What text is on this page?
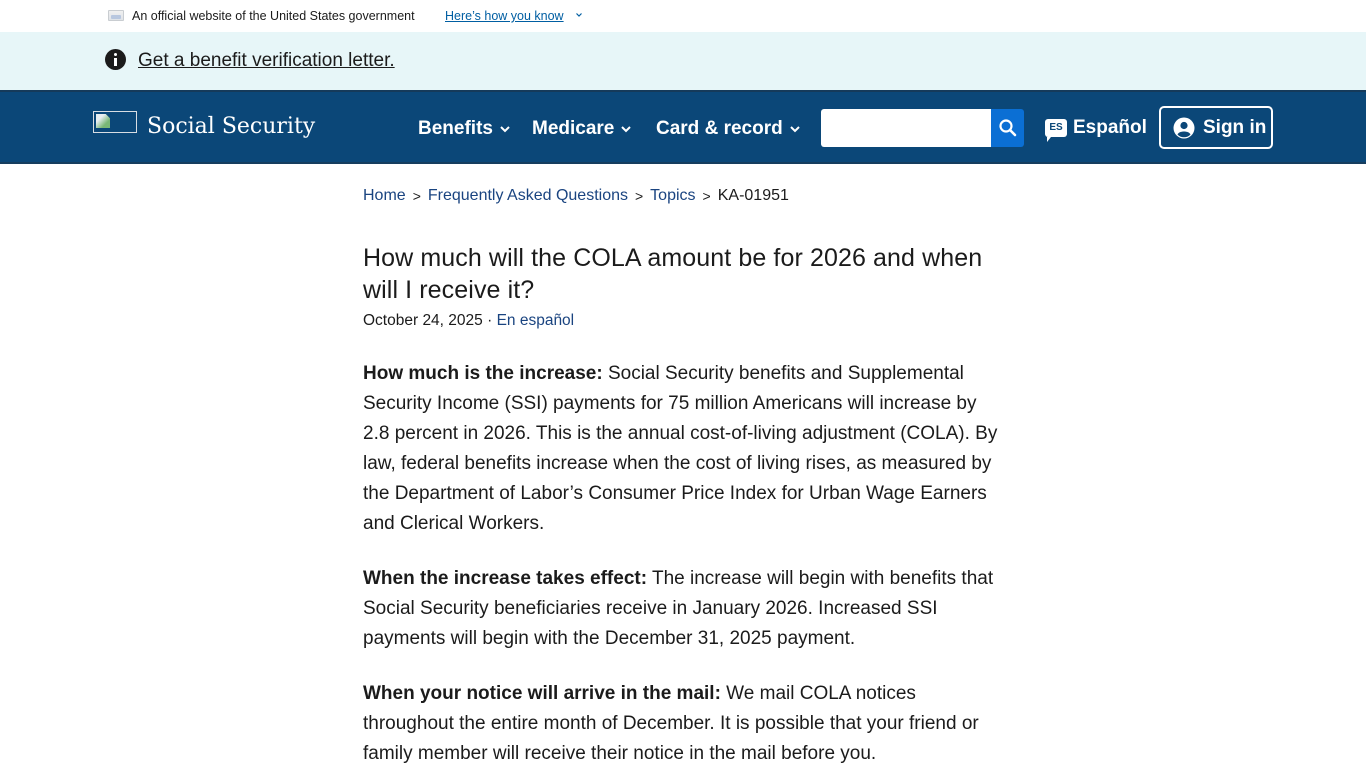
An official website of the United States government Here’s how you know
Get a benefit verification letter.
Social Security	Benefits Medicare Card & record	ES Español	Sign in
Home > Frequently Asked Questions > Topics > KA-01951
How much will the COLA amount be for 2026 and when will I receive it?
October 24, 2025 · En español

How much is the increase: Social Security benefits and Supplemental Security Income (SSI) payments for 75 million Americans will increase by 2.8 percent in 2026. This is the annual cost-of-living adjustment (COLA). By law, federal benefits increase when the cost of living rises, as measured by the Department of Labor’s Consumer Price Index for Urban Wage Earners and Clerical Workers.

When the increase takes effect: The increase will begin with benefits that Social Security beneficiaries receive in January 2026. Increased SSI payments will begin with the December 31, 2025 payment.

When your notice will arrive in the mail: We mail COLA notices throughout the entire month of December. It is possible that your friend or family member will receive their notice in the mail before you.
